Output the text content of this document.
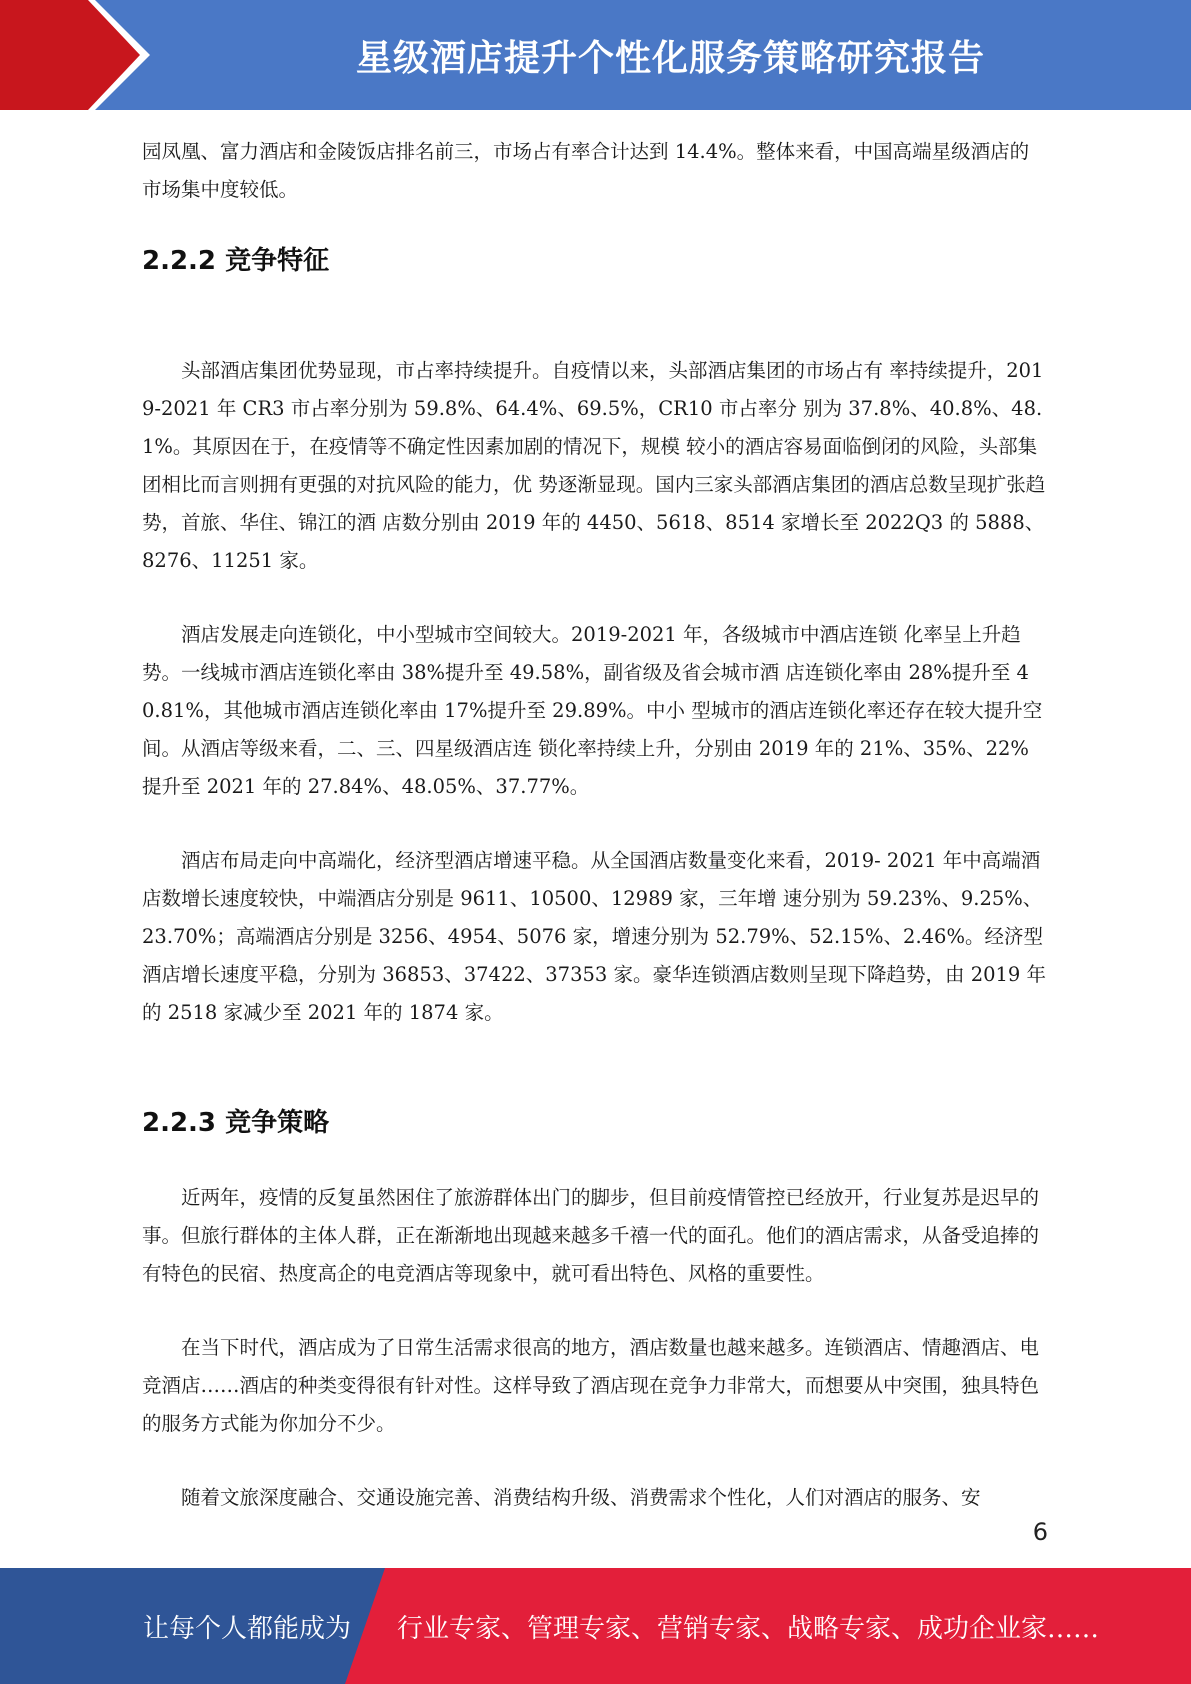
星级酒店提升个性化服务策略研究报告

园凤凰、富力酒店和金陵饭店排名前三，市场占有率合计达到 14.4%。整体来看，中国高端星级酒店的市场集中度较低。

2.2.2 竞争特征

头部酒店集团优势显现，市占率持续提升。自疫情以来，头部酒店集团的市场占有 率持续提升，2019-2021 年 CR3 市占率分别为 59.8%、64.4%、69.5%，CR10 市占率分 别为 37.8%、40.8%、48.1%。其原因在于，在疫情等不确定性因素加剧的情况下，规模 较小的酒店容易面临倒闭的风险，头部集团相比而言则拥有更强的对抗风险的能力，优 势逐渐显现。国内三家头部酒店集团的酒店总数呈现扩张趋势，首旅、华住、锦江的酒 店数分别由 2019 年的 4450、5618、8514 家增长至 2022Q3 的 5888、8276、11251 家。

酒店发展走向连锁化，中小型城市空间较大。2019-2021 年，各级城市中酒店连锁 化率呈上升趋势。一线城市酒店连锁化率由 38%提升至 49.58%，副省级及省会城市酒 店连锁化率由 28%提升至 40.81%，其他城市酒店连锁化率由 17%提升至 29.89%。中小 型城市的酒店连锁化率还存在较大提升空间。从酒店等级来看，二、三、四星级酒店连 锁化率持续上升，分别由 2019 年的 21%、35%、22%提升至 2021 年的 27.84%、48.05%、37.77%。

酒店布局走向中高端化，经济型酒店增速平稳。从全国酒店数量变化来看，2019- 2021 年中高端酒店数增长速度较快，中端酒店分别是 9611、10500、12989 家，三年增 速分别为 59.23%、9.25%、23.70%；高端酒店分别是 3256、4954、5076 家，增速分别为 52.79%、52.15%、2.46%。经济型酒店增长速度平稳，分别为 36853、37422、37353 家。豪华连锁酒店数则呈现下降趋势，由 2019 年的 2518 家减少至 2021 年的 1874 家。

2.2.3 竞争策略

近两年，疫情的反复虽然困住了旅游群体出门的脚步，但目前疫情管控已经放开，行业复苏是迟早的事。但旅行群体的主体人群，正在渐渐地出现越来越多千禧一代的面孔。他们的酒店需求，从备受追捧的有特色的民宿、热度高企的电竞酒店等现象中，就可看出特色、风格的重要性。

在当下时代，酒店成为了日常生活需求很高的地方，酒店数量也越来越多。连锁酒店、情趣酒店、电竞酒店……酒店的种类变得很有针对性。这样导致了酒店现在竞争力非常大，而想要从中突围，独具特色的服务方式能为你加分不少。

随着文旅深度融合、交通设施完善、消费结构升级、消费需求个性化，人们对酒店的服务、安

6
让每个人都能成为 行业专家、管理专家、营销专家、战略专家、成功企业家……
